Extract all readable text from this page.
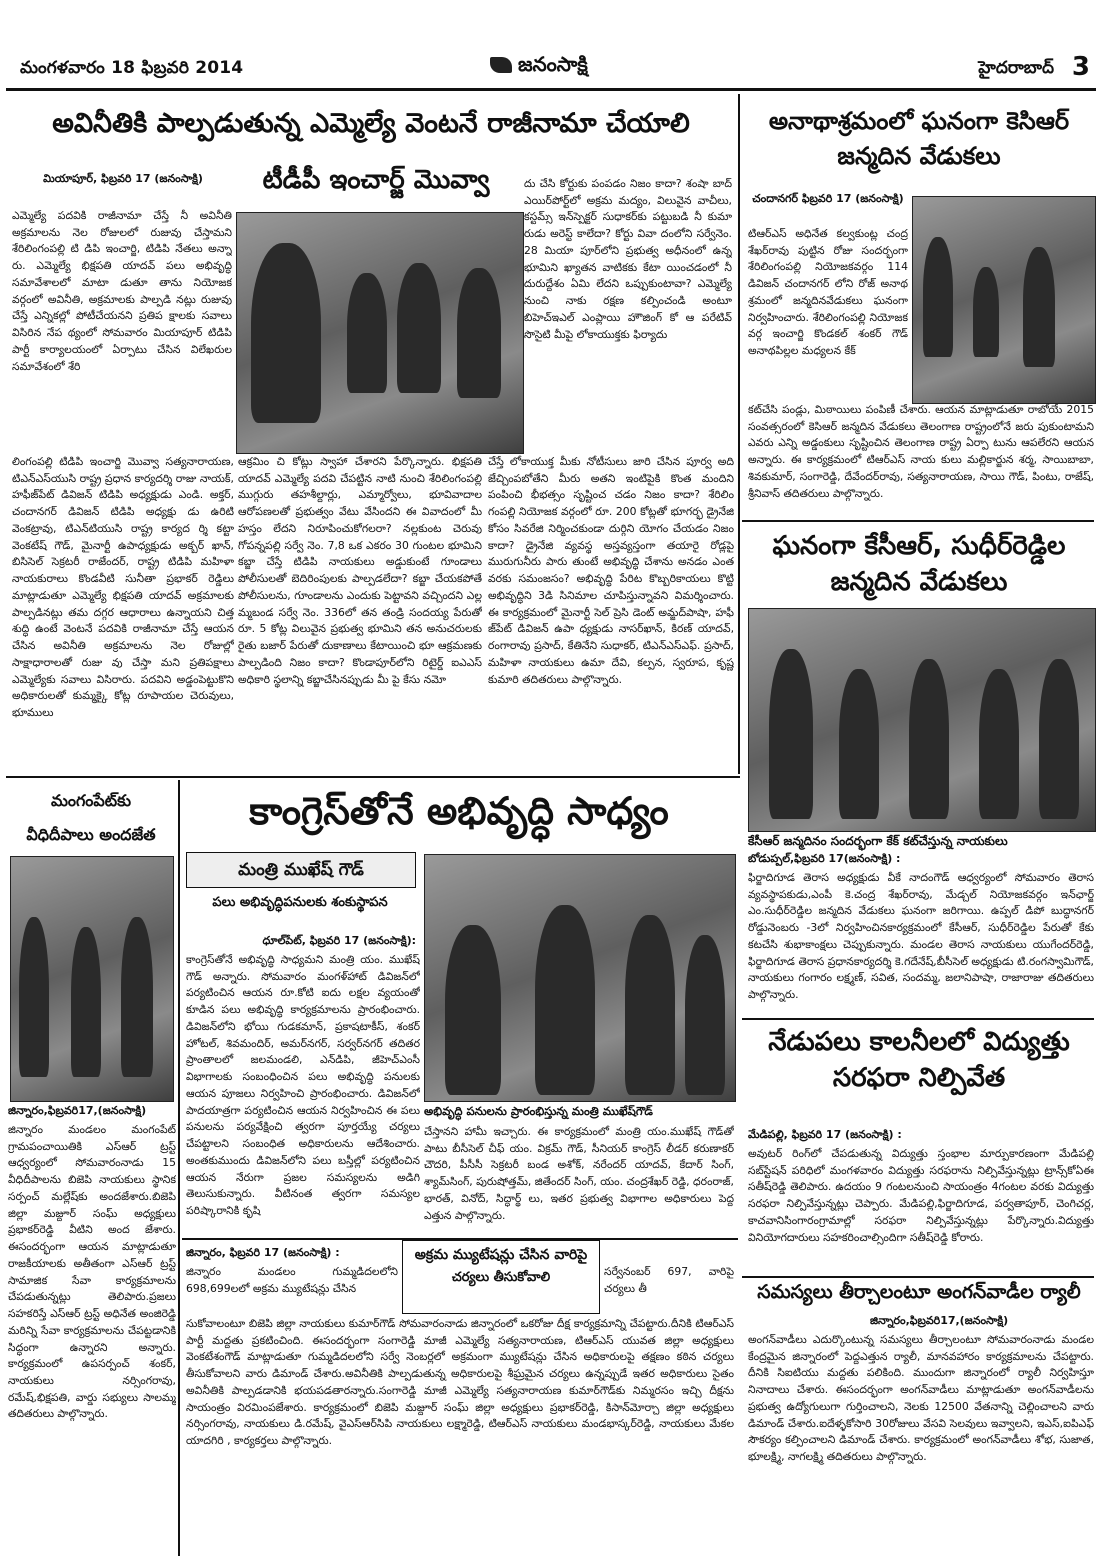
మంగళవారం 18 ఫిబ్రవరి 2014	జనంసాక్షి	హైదరాబాద్ 3
అవినీతికి పాల్పడుతున్న ఎమ్మెల్యే వెంటనే రాజీనామా చేయాలి
టీడీపీ ఇంచార్జ్ మొవ్వా
మియాపూర్, ఫిబ్రవరి 17 (జనంసాక్షి)
ఎమ్మెల్యే పదవికి రాజీనామా చేస్తే నీ అవినీతి అక్రమాలను నెల రోజులలో రుజువు చేస్తామని శేరిలింగంపల్లి టి డిపి ఇంచార్జి, టిడిపి నేతలు అన్నా రు. ఎమ్మెల్యే భిక్షపతి యాదవ్ పలు అభివృద్ధి సమావేశాలలో మాటా డుతూ తాను నియోజక వర్గంలో అవినీతి, అక్రమాలకు పాల్పడి నట్లు రుజువు చేస్తే ఎన్నికల్లో పోటీచేయనని ప్రతిప క్షాలకు సవాలు విసిరిన నేప థ్యంలో సోమవారం మియాపూర్ టిడిపి పార్టీ కార్యాలయంలో ఏర్పాటు చేసిన విలేఖరుల సమావేశంలో శేరి
దు చేసి కోర్టుకు పంపడం నిజం కాదా? శంషా బాద్ ఎయిర్‌పోర్ట్‌లో అక్రమ మద్యం, విలువైన వాచీలు, కస్టమ్స్ ఇన్‌స్పెక్టర్ సుధాకర్‌కు పట్టుబడి నీ కుమా రుడు అరెస్ట్ కాలేదా? కోర్టు వివా దంలోని సర్వేనెం. 28 మియా పూర్‌లోని ప్రభుత్వ అధీనంలో ఉన్న భూమిని ఖ్యాతన వాటికకు కేటా యించడంలో నీ దురుద్దేశం ఏమి లేదని ఒప్పుకుంటావా? ఎమ్మెల్యే నుంచి నాకు రక్షణ కల్పించండి అంటూ బిహెచ్‌ఇఎల్ ఎంప్లాయి హౌజింగ్ కో ఆ పరేటివ్ సొసైటి మీపై లోకాయుక్తకు ఫిర్యాదు
లింగంపల్లి టిడిపి ఇంచార్జి మొవ్వా సత్యనారాయణ, టిఎన్‌ఎస్‌యుసి రాష్ట్ర ప్రధాన కార్యదర్శి రాజు నాయక్, హఫీజ్‌పేట్ డివిజన్ టిడిపి అధ్యక్షుడు ఎండి. అక్తర్, చందానగర్ డివిజన్ టిడిపి అధ్యక్షు డు ఉరిటి వెంకట్రావు, టిఎన్‌టియుసి రాష్ట్ర కార్యద ర్శి కట్టా వెంకటేష్ గౌడ్, మైనార్టీ ఉపాధ్యక్షుడు అక్బర్ ఖాన్, బిసిసెల్ సెక్రటరీ రాజేందర్, రాష్ట్ర టిడిపి మహిళా నాయకురాలు కొండవీటి సునీతా ప్రభాకర్ రెడ్డిలు మాట్లాడుతూ ఎమ్మెల్యే భిక్షపతి యాదవ్ అక్రమాలకు పాల్పడినట్లు తమ దగ్గర ఆధారాలు ఉన్నాయని చిత్త శుద్ధి ఉంటే వెంటనే పదవికి రాజీనామా చేస్తే ఆయన చేసిన అవినీతి అక్రమాలను నెల రోజుల్లో సాక్షాధారాలతో రుజు వు చేస్తా మని ప్రతిపక్షాలు ఎమ్మెల్యేకు సవాలు విసిరారు. పదవిని అడ్డంపెట్టుకొని అధికారులతో కుమ్మక్కై కోట్ల రూపాయల చెరువులు, భూములు
ఆక్రమిం చి కోట్లు స్వాహా చేశారని పేర్కొన్నారు. భిక్షపతి యాదవ్ ఎమ్మెల్యే పదవి చేపట్టిన నాటి నుంచి శేరిలింగంపల్లి ముగ్గురు తహశీల్దార్లు, ఎమ్మార్వోలు, భూవివాదాల ఆరోపణలతో ప్రభుత్వం వేటు వేసిందని ఈ వివాదంలో మీ హస్తం లేదని నిరూపించుకోగలరా? నల్లకుంట చెరువు గోపన్నపల్లి సర్వే నెం. 7,8 ఒక ఎకరం 30 గుంటల భూమిని కబ్జా చేస్తే టిడిపి నాయకులు అడ్డుకుంటే గూండాలు పోలీసులతో బెదిరింపులకు పాల్పడలేదా? కబ్జా చేయకపోతే పోలీసులను, గూండాలను ఎందుకు పెట్టావని వచ్చిందని ఎల్ల మ్మబండ సర్వే నెం. 336లో తన తండ్రి సందయ్య పేరుతో రూ. 5 కోట్ల విలువైన ప్రభుత్వ భూమిని తన అనుచరులకు రైతు బజార్ పేరుతో దుకాణాలు కేటాయించి భూ ఆక్రమణకు పాల్పడింది నిజం కాదా? కొండాపూర్‌లోని రిటైర్డ్ ఐఎఎస్ అధికారి స్థలాన్ని కబ్జాచేసినప్పుడు మీ పై కేసు నమో
చేస్తే లోకాయుక్త మీకు నోటీసులు జారి చేసిన పూర్వ అది జేచ్చింపబోతేని మీరు అతని ఇంటిపైకి కొంత మందిని పంపించి భీభత్సం సృష్టించ చడం నిజం కాదా? శేరిలిం గంపల్లి నియోజక వర్గంలో రూ. 200 కోట్లతో భూగర్భ డ్రైనేజి కోసం సివరేజి నిర్మించకుండా దుర్గిని యోగం చేయడం నిజం కాదా? డ్రైనేజి వ్యవస్థ అస్తవ్యస్తంగా తయారై రోడ్లపై మురుగునీరు పారు తుంటే అభివృద్ధి చేశాను అనడం ఎంత వరకు సమంజసం? అభివృద్ధి పేరిట కొబ్బరికాయలు కొట్టి అభివృద్ధిని 3డి సినిమాల చూపిస్తున్నావని విమర్శించారు. ఈ కార్యక్రమంలో మైనార్టీ సెల్ ప్రెసి డెంట్ అమ్జద్‌పాషా, హఫీ జ్‌పేట్ డివిజన్ ఉపా ధ్యక్షుడు నాసర్‌ఖాన్, కిరణ్ యాదవ్, రంగారావు ప్రసాద్, కేతినేని సుధాకర్, టిఎన్‌ఎస్‌ఎఫ్. ప్రసాద్, మహిళా నాయకులు ఉమా దేవి, కల్పన, స్వరూప, కృష్ణ కుమారి తదితరులు పాల్గొన్నారు.
అనాథాశ్రమంలో ఘనంగా కెసిఆర్ జన్మదిన వేడుకలు
చందానగర్ ఫిబ్రవరి 17 (జనంసాక్షి)
టిఆర్‌ఎస్ అధినేత కల్వకుంట్ల చంద్ర శేఖర్‌రావు పుట్టిన రోజు సందర్భంగా శేరిలింగంపల్లి నియోజకవర్గం 114 డివిజన్ చందానగర్ లోని రోజ్ అనాథ శ్రమంలో జన్మదినవేడుకలు ఘనంగా నిర్వహించారు. శేరిలింగంపల్లి నియోజక వర్గ ఇంచార్జి కొండకల్ శంకర్ గౌడ్ అనాథపిల్లల మధ్యలన కేక్
కట్‌చేసి పండ్లు, మిఠాయిలు పంపిణీ చేశారు. ఆయన మాట్లాడుతూ రాబోయే 2015 సంవత్సరంలో కెసిఆర్ జన్మదిన వేడుకలు తెలంగాణ రాష్ట్రంలోనే జరు పుకుంటామని ఎవరు ఎన్ని అడ్డంకులు సృష్టించిన తెలంగాణ రాష్ట్ర ఏర్పా టును ఆపలేరని ఆయన అన్నారు. ఈ కార్యక్రమంలో టిఆర్‌ఎస్ నాయ కులు మల్లికార్జున శర్మ, సాయిబాబా, శివకుమార్, సంగారెడ్డి, దేవేందర్‌రావు, సత్యనారాయణ, సాయి గౌడ్, పింటు, రాజేష్, శ్రీనివాస్ తదితరులు పాల్గొన్నారు.
ఘనంగా కేసీఆర్, సుధీర్‌రెడ్డిల జన్మదిన వేడుకలు
కేసీఆర్ జన్మదినం సందర్భంగా కేక్ కట్‌చేస్తున్న నాయకులు
బోడుప్పల్,ఫిబ్రవరి 17(జనంసాక్షి) :
ఫిర్జాదిగూడ తెరాస అధ్యక్షుడు వీకే నాదంగౌడ్ ఆధ్వర్యంలో సోమవారం తెరాస వ్యవస్థాపకుడు,ఎంపీ కె.చంద్ర శేఖర్‌రావు, మేడ్చల్ నియోజకవర్గం ఇన్‌ఛార్జ్ ఎం.సుధీర్‌రెడ్డిల జన్మదిన వేడుకలు ఘనంగా జరిగాయి. ఉప్పల్ డిపో బుద్ధానగర్ రోడ్డునెంబరు -3లో నిర్వహించినకార్యక్రమంలో కేసీఆర్, సుధీర్‌రెడ్డిల పేరుతో కేకు కటచేసి శుభాకాంక్షలు చెప్పుకున్నారు. మండల తెరాస నాయకులు యుగేందర్‌రెడ్డి, ఫిర్జాదిగూడ తెరాస ప్రధానకార్యదర్శి కె.గదేనేష్,బీసీసెల్ అధ్యక్షుడు టి.రంగస్వామిగౌడ్, నాయకులు గంగారం లక్ష్మణ్, సవిత, సందమ్మ, జలానిపాషా, రాజారాజు తదితరులు పాల్గొన్నారు.
నేడుపలు కాలనీలలో విద్యుత్తు సరఫరా నిల్పివేత
మేడిపల్లి, ఫిబ్రవరి 17 (జనంసాక్షి) :
అవుటర్ రింగ్‌లో చేపడుతున్న విద్యుత్తు స్తంభాల మార్పుకారణంగా మేడిపల్లి సబ్‌స్టేషన్ పరిధిలో మంగళవారం విద్యుత్తు సరఫరాను నిల్పివేస్తున్నట్లు ట్రాన్స్‌కోఏఈ సతీష్‌రెడ్డి తెలిపారు. ఉదయం 9 గంటలనుంచి సాయంత్రం 4గంటల వరకు విద్యుత్తు సరఫరా నిల్పివేస్తున్నట్లు చెప్పారు. మేడిపల్లి,ఫిర్జాదిగూడ, పర్వతాపూర్, చెంగిచర్ల, కాచవానిసింగారంగ్రామాల్లో సరఫరా నిల్పివేస్తున్నట్లు పేర్కొన్నారు.విద్యుత్తు వినియోగదారులు సహకరించాల్సిందిగా సతీష్‌రెడ్డి కోరారు.
సమస్యలు తీర్చాలంటూ అంగన్‌వాడీల ర్యాలీ
జిన్నారం,ఫిబ్రవరి17,(జనంసాక్షి)
అంగన్‌వాడీలు ఎదుర్కొంటున్న సమస్యలు తీర్చాలంటూ సోమవారంనాడు మండల కేంద్రమైన జిన్నారంలో పెద్దఎత్తున ర్యాలీ, మానవహారం కార్యక్రమాలను చేపట్టారు. దీనికి సిఐటియు మద్దతు పలికింది. ముందుగా జిన్నారంలో ర్యాలీ నిర్వహిస్తూ నినాదాలు చేశారు. ఈసందర్భంగా అంగన్‌వాడీలు మాట్లాడుతూ అంగన్‌వాడీలను ప్రభుత్వ ఉద్యోగులుగా గుర్తించాలని, నెలకు 12500 వేతనాన్ని చెల్లించాలని వారు డిమాండ్ చేశారు.ఐదేళ్ళకోసారి 30రోజులు వేసవి సెలవులు ఇవ్వాలని, ఇఎస్,ఐపిఎఫ్ సౌకర్యం కల్పించాలని డిమాండ్ చేశారు. కార్యక్రమంలో అంగన్‌వాడీలు శోభ, సుజాత, భూలక్ష్మి, నాగలక్ష్మి తదితరులు పాల్గొన్నారు.
మంగంపేట్‌కు
వీధిదీపాలు అందజేత
జిన్నారం,ఫిబ్రవరి17,(జనంసాక్షి)
జిన్నారం మండలం మంగంపేట్ గ్రామపంచాయితికి ఎస్‌ఆర్ ట్రస్ట్ ఆధ్వర్యంలో సోమవారంనాడు 15 వీధిదీపాలను బిజెపి నాయకులు స్థానిక సర్పంచ్ మల్లేష్‌కు అందజేశారు.బిజెపి జిల్లా మజ్దూర్ సంఘ్ అధ్యక్షులు ప్రభాకర్‌రెడ్డి వీటిని అంద జేశారు. ఈసందర్భంగా ఆయన మాట్లాడుతూ రాజకీయాలకు అతీతంగా ఎస్‌ఆర్ ట్రస్ట్ సామాజిక సేవా కార్యక్రమాలను చేపడుతున్నట్లు తెలిపారు.ప్రజలు సహకరిస్తే ఎస్‌ఆర్ ట్రస్ట్ అధినేత అంజిరెడ్డి మరిన్ని సేవా కార్యక్రమాలను చేపట్టడానికి సిద్ధంగా ఉన్నారని అన్నారు. కార్యక్రమంలో ఉపసర్పంచ్ శంకర్, నాయకులు నర్సింగరావు, రమేష్,భిక్షపతి, వార్డు సభ్యులు సాలమ్మ తదితరులు పాల్గొన్నారు.
కాంగ్రెస్‌తోనే అభివృద్ధి సాధ్యం
మంత్రి ముఖేష్ గౌడ్
పలు అభివృద్ధిపనులకు శంకుస్థాపన
ధూల్‌పేట్, ఫిబ్రవరి 17 (జనంసాక్షి):
కాంగ్రెస్‌తోనే అభివృద్ధి సాధ్యమని మంత్రి యం. ముఖేష్ గౌడ్ అన్నారు. సోమవారం మంగళ్‌హాట్ డివిజన్‌లో పర్యటించిన ఆయన రూ.కోటి ఐదు లక్షల వ్యయంతో కూడిన పలు అభివృద్ధి కార్యక్రమాలను ప్రారంభించారు. డివిజన్‌లోని భోయి గుడకమాన్, ప్రకాషటాకీస్, శంకర్ హోటల్, శివమందిర్, అమర్‌నగర్, సర్వర్‌నగర్ తదితర ప్రాంతాలలో జలమండలి, ఎన్‌డిపి, జీహెచ్‌ఎంసీ విభాగాలకు సంబంధించిన పలు అభివృద్ధి పనులకు ఆయన పూజలు నిర్వహించి ప్రారంభించారు. డివిజన్‌లో పాదయాత్రగా పర్యటించిన ఆయన నిర్వహించిన ఈ పలు పనులను పర్యవేక్షించి త్వరగా పూర్తయ్యే చర్యలు చేపట్టాలని సంబంధిత అధికారులను ఆదేశించారు. అంతకుముందు డివిజన్‌లోని పలు బస్తీల్లో పర్యటించిన ఆయన నేరుగా ప్రజల సమస్యలను అడిగి తెలుసుకున్నారు. వీటినంత త్వరగా సమస్యల పరిష్కారానికి కృషి
అభివృద్ధి పనులను ప్రారంభిస్తున్న మంత్రి ముఖేష్‌గౌడ్
చేస్తానని హామీ ఇచ్చారు. ఈ కార్యక్రమంలో మంత్రి యం.ముఖేష్ గౌడ్‌తో పాటు బీసీసెల్ చీఫ్ యం. విక్రమ్ గౌడ్, సీనియర్ కాంగ్రెస్ లీడర్ కరుణాకర్ చౌదరి, పీసీసీ సెక్రటరీ బండ అశోక్, నరేందర్ యాదవ్, కేదార్ సింగ్, శ్యామ్‌సింగ్, పురుషోత్తమ్, జితేందర్ సింగ్, యం. చంద్రశేఖర్ రెడ్డి, ధరంరాజ్, భారత్, వినోద్, సిద్ధార్థ్ లు, ఇతర ప్రభుత్వ విభాగాల అధికారులు పెద్ద ఎత్తున పాల్గొన్నారు.
జిన్నారం, ఫిబ్రవరి 17 (జనంసాక్షి) :
జిన్నారం మండలం గుమ్మడిదలలోని 698,699లలో అక్రమ మ్యుటేషన్లు చేసిన
అక్రమ మ్యుటేషన్లు చేసిన వారిపై
చర్యలు తీసుకోవాలి	సర్వేనంబర్ 697, వారిపై చర్యలు తీ
సుకోవాలంటూ బిజెపి జిల్లా నాయకులు కుమార్‌గౌడ్ సోమవారంనాడు జిన్నారంలో ఒకరోజు దీక్ష కార్యక్రమాన్ని చేపట్టారు.దీనికి టిఆర్‌ఎస్ పార్టీ మద్దతు ప్రకటించింది. ఈసందర్భంగా సంగారెడ్డి మాజీ ఎమ్మెల్యే సత్యనారాయణ, టిఆర్‌ఎస్ యువత జిల్లా అధ్యక్షులు వెంకటేశంగౌడ్ మాట్లాడుతూ గుమ్మడిదలలోని సర్వే నెంబర్లలో అక్రమంగా మ్యుటేషన్లు చేసిన అధికారులపై తక్షణం కఠిన చర్యలు తీసుకోవాలని వారు డిమాండ్ చేశారు.అవినీతికి పాల్పడుతున్న అధికారులపై శీఘ్రమైన చర్యలు ఉన్నప్పుడే ఇతర అధికారులు సైతం అవినీతికి పాల్పడడానికి భయపడతారన్నారు.సంగారెడ్డి మాజీ ఎమ్మెల్యే సత్యనారాయణ కుమార్‌గౌడ్‌కు నిమ్మరసం ఇచ్చి దీక్షను సాయంత్రం విరమింపజేశారు. కార్యక్రమంలో బిజెపి మజ్దూర్ సంఘ్ జిల్లా అధ్యక్షులు ప్రభాకర్‌రెడ్డి, కిసాన్‌మోర్చా జిల్లా అధ్యక్షులు నర్సింగరావు, నాయకులు డి.రమేష్, వైఎస్‌ఆర్‌సిపి నాయకులు లక్ష్మారెడ్డి, టిఆర్‌ఎస్ నాయకులు మండభాస్కర్‌రెడ్డి, నాయకులు మేకల యాదగిరి , కార్యకర్తలు పాల్గొన్నారు.
